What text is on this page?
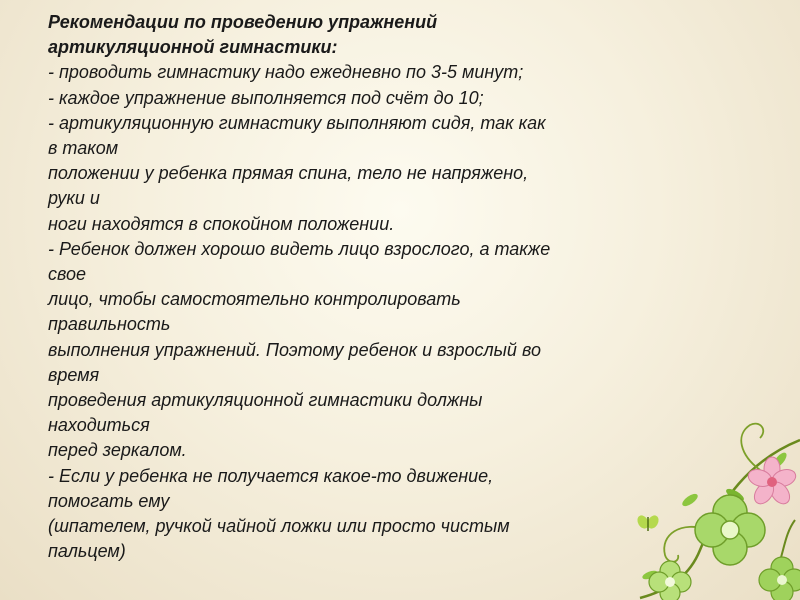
Рекомендации по проведению упражнений
артикуляционной гимнастики:
- проводить гимнастику надо ежедневно по 3-5 минут;
- каждое упражнение выполняется под счёт до 10;
- артикуляционную гимнастику выполняют сидя, так как
в таком
положении у ребенка прямая спина, тело не напряжено,
руки и
ноги находятся в спокойном положении.
- Ребенок должен хорошо видеть лицо взрослого, а также
свое
лицо, чтобы самостоятельно контролировать
правильность
выполнения упражнений. Поэтому ребенок и взрослый во
время
проведения артикуляционной гимнастики должны
находиться
перед зеркалом.
- Если у ребенка не получается какое-то движение,
помогать ему
(шпателем, ручкой чайной ложки или просто чистым
пальцем)
